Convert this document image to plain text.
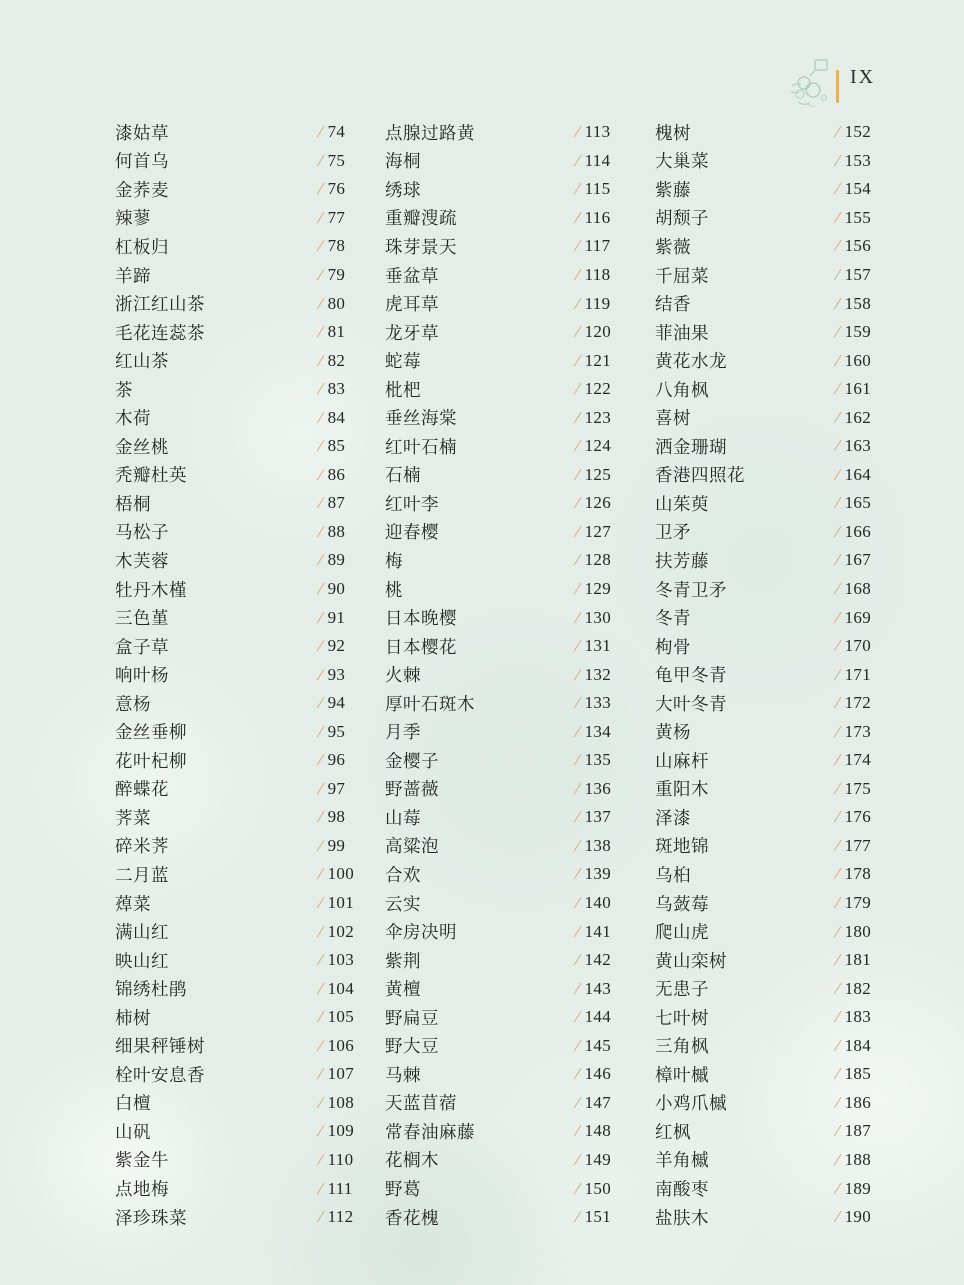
IX
漆姑草	/ 74
何首乌	/ 75
金荞麦	/ 76
辣蓼	/ 77
杠板归	/ 78
羊蹄	/ 79
浙江红山茶	/ 80
毛花连蕊茶	/ 81
红山茶	/ 82
茶	/ 83
木荷	/ 84
金丝桃	/ 85
秃瓣杜英	/ 86
梧桐	/ 87
马松子	/ 88
木芙蓉	/ 89
牡丹木槿	/ 90
三色堇	/ 91
盒子草	/ 92
响叶杨	/ 93
意杨	/ 94
金丝垂柳	/ 95
花叶杞柳	/ 96
醉蝶花	/ 97
荠菜	/ 98
碎米荠	/ 99
二月蓝	/ 100
蔊菜	/ 101
满山红	/ 102
映山红	/ 103
锦绣杜鹃	/ 104
柿树	/ 105
细果秤锤树	/ 106
栓叶安息香	/ 107
白檀	/ 108
山矾	/ 109
紫金牛	/ 110
点地梅	/ 111
泽珍珠菜	/ 112
点腺过路黄	/ 113
海桐	/ 114
绣球	/ 115
重瓣溲疏	/ 116
珠芽景天	/ 117
垂盆草	/ 118
虎耳草	/ 119
龙牙草	/ 120
蛇莓	/ 121
枇杷	/ 122
垂丝海棠	/ 123
红叶石楠	/ 124
石楠	/ 125
红叶李	/ 126
迎春樱	/ 127
梅	/ 128
桃	/ 129
日本晚樱	/ 130
日本樱花	/ 131
火棘	/ 132
厚叶石斑木	/ 133
月季	/ 134
金樱子	/ 135
野蔷薇	/ 136
山莓	/ 137
高粱泡	/ 138
合欢	/ 139
云实	/ 140
伞房决明	/ 141
紫荆	/ 142
黄檀	/ 143
野扁豆	/ 144
野大豆	/ 145
马棘	/ 146
天蓝苜蓿	/ 147
常春油麻藤	/ 148
花榈木	/ 149
野葛	/ 150
香花槐	/ 151
槐树	/ 152
大巢菜	/ 153
紫藤	/ 154
胡颓子	/ 155
紫薇	/ 156
千屈菜	/ 157
结香	/ 158
菲油果	/ 159
黄花水龙	/ 160
八角枫	/ 161
喜树	/ 162
洒金珊瑚	/ 163
香港四照花	/ 164
山茱萸	/ 165
卫矛	/ 166
扶芳藤	/ 167
冬青卫矛	/ 168
冬青	/ 169
枸骨	/ 170
龟甲冬青	/ 171
大叶冬青	/ 172
黄杨	/ 173
山麻杆	/ 174
重阳木	/ 175
泽漆	/ 176
斑地锦	/ 177
乌桕	/ 178
乌蔹莓	/ 179
爬山虎	/ 180
黄山栾树	/ 181
无患子	/ 182
七叶树	/ 183
三角枫	/ 184
樟叶槭	/ 185
小鸡爪槭	/ 186
红枫	/ 187
羊角槭	/ 188
南酸枣	/ 189
盐肤木	/ 190
